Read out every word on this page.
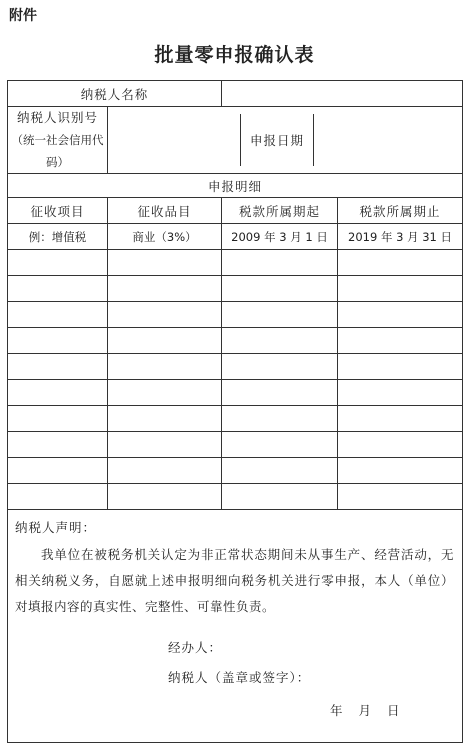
附件
批量零申报确认表
纳税人名称			

纳税人识别号
（统一社会信用代码）	申报日期		

申报明细			
征收项目	征收品目	税款所属期起	税款所属期止
例：增值税	商业（3%）	2009 年 3 月 1 日	2019 年 3 月 31 日

纳税人声明：
我单位在被税务机关认定为非正常状态期间未从事生产、经营活动，无相关纳税义务，自愿就上述申报明细向税务机关进行零申报，本人（单位）对填报内容的真实性、完整性、可靠性负责。
经办人：
纳税人（盖章或签字）：
年 月 日			
